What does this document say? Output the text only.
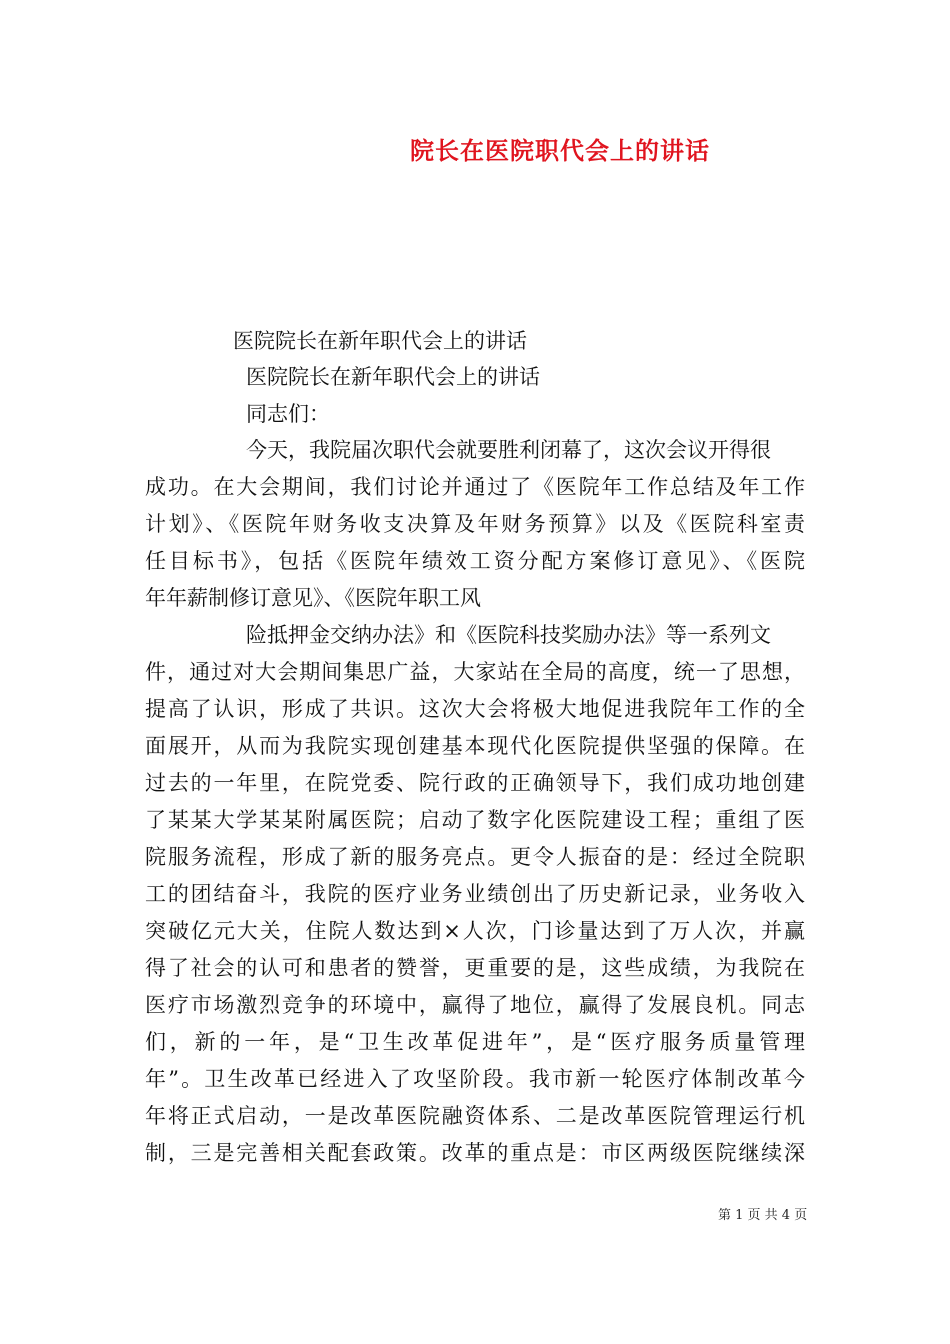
院长在医院职代会上的讲话
医院院长在新年职代会上的讲话
医院院长在新年职代会上的讲话
同志们：
今天，我院届次职代会就要胜利闭幕了，这次会议开得很
成功。在大会期间，我们讨论并通过了《医院年工作总结及年工作
计划》、《医院年财务收支决算及年财务预算》以及《医院科室责
任目标书》，包括《医院年绩效工资分配方案修订意见》、《医院
年年薪制修订意见》、《医院年职工风
险抵押金交纳办法》和《医院科技奖励办法》等一系列文
件，通过对大会期间集思广益，大家站在全局的高度，统一了思想，
提高了认识，形成了共识。这次大会将极大地促进我院年工作的全
面展开，从而为我院实现创建基本现代化医院提供坚强的保障。在
过去的一年里，在院党委、院行政的正确领导下，我们成功地创建
了某某大学某某附属医院；启动了数字化医院建设工程；重组了医
院服务流程，形成了新的服务亮点。更令人振奋的是：经过全院职
工的团结奋斗，我院的医疗业务业绩创出了历史新记录，业务收入
突破亿元大关，住院人数达到×人次，门诊量达到了万人次，并赢
得了社会的认可和患者的赞誉，更重要的是，这些成绩，为我院在
医疗市场激烈竞争的环境中，赢得了地位，赢得了发展良机。同志
们，新的一年，是“卫生改革促进年”，是“医疗服务质量管理
年”。卫生改革已经进入了攻坚阶段。我市新一轮医疗体制改革今
年将正式启动，一是改革医院融资体系、二是改革医院管理运行机
制，三是完善相关配套政策。改革的重点是：市区两级医院继续深
第 1 页 共 4 页
